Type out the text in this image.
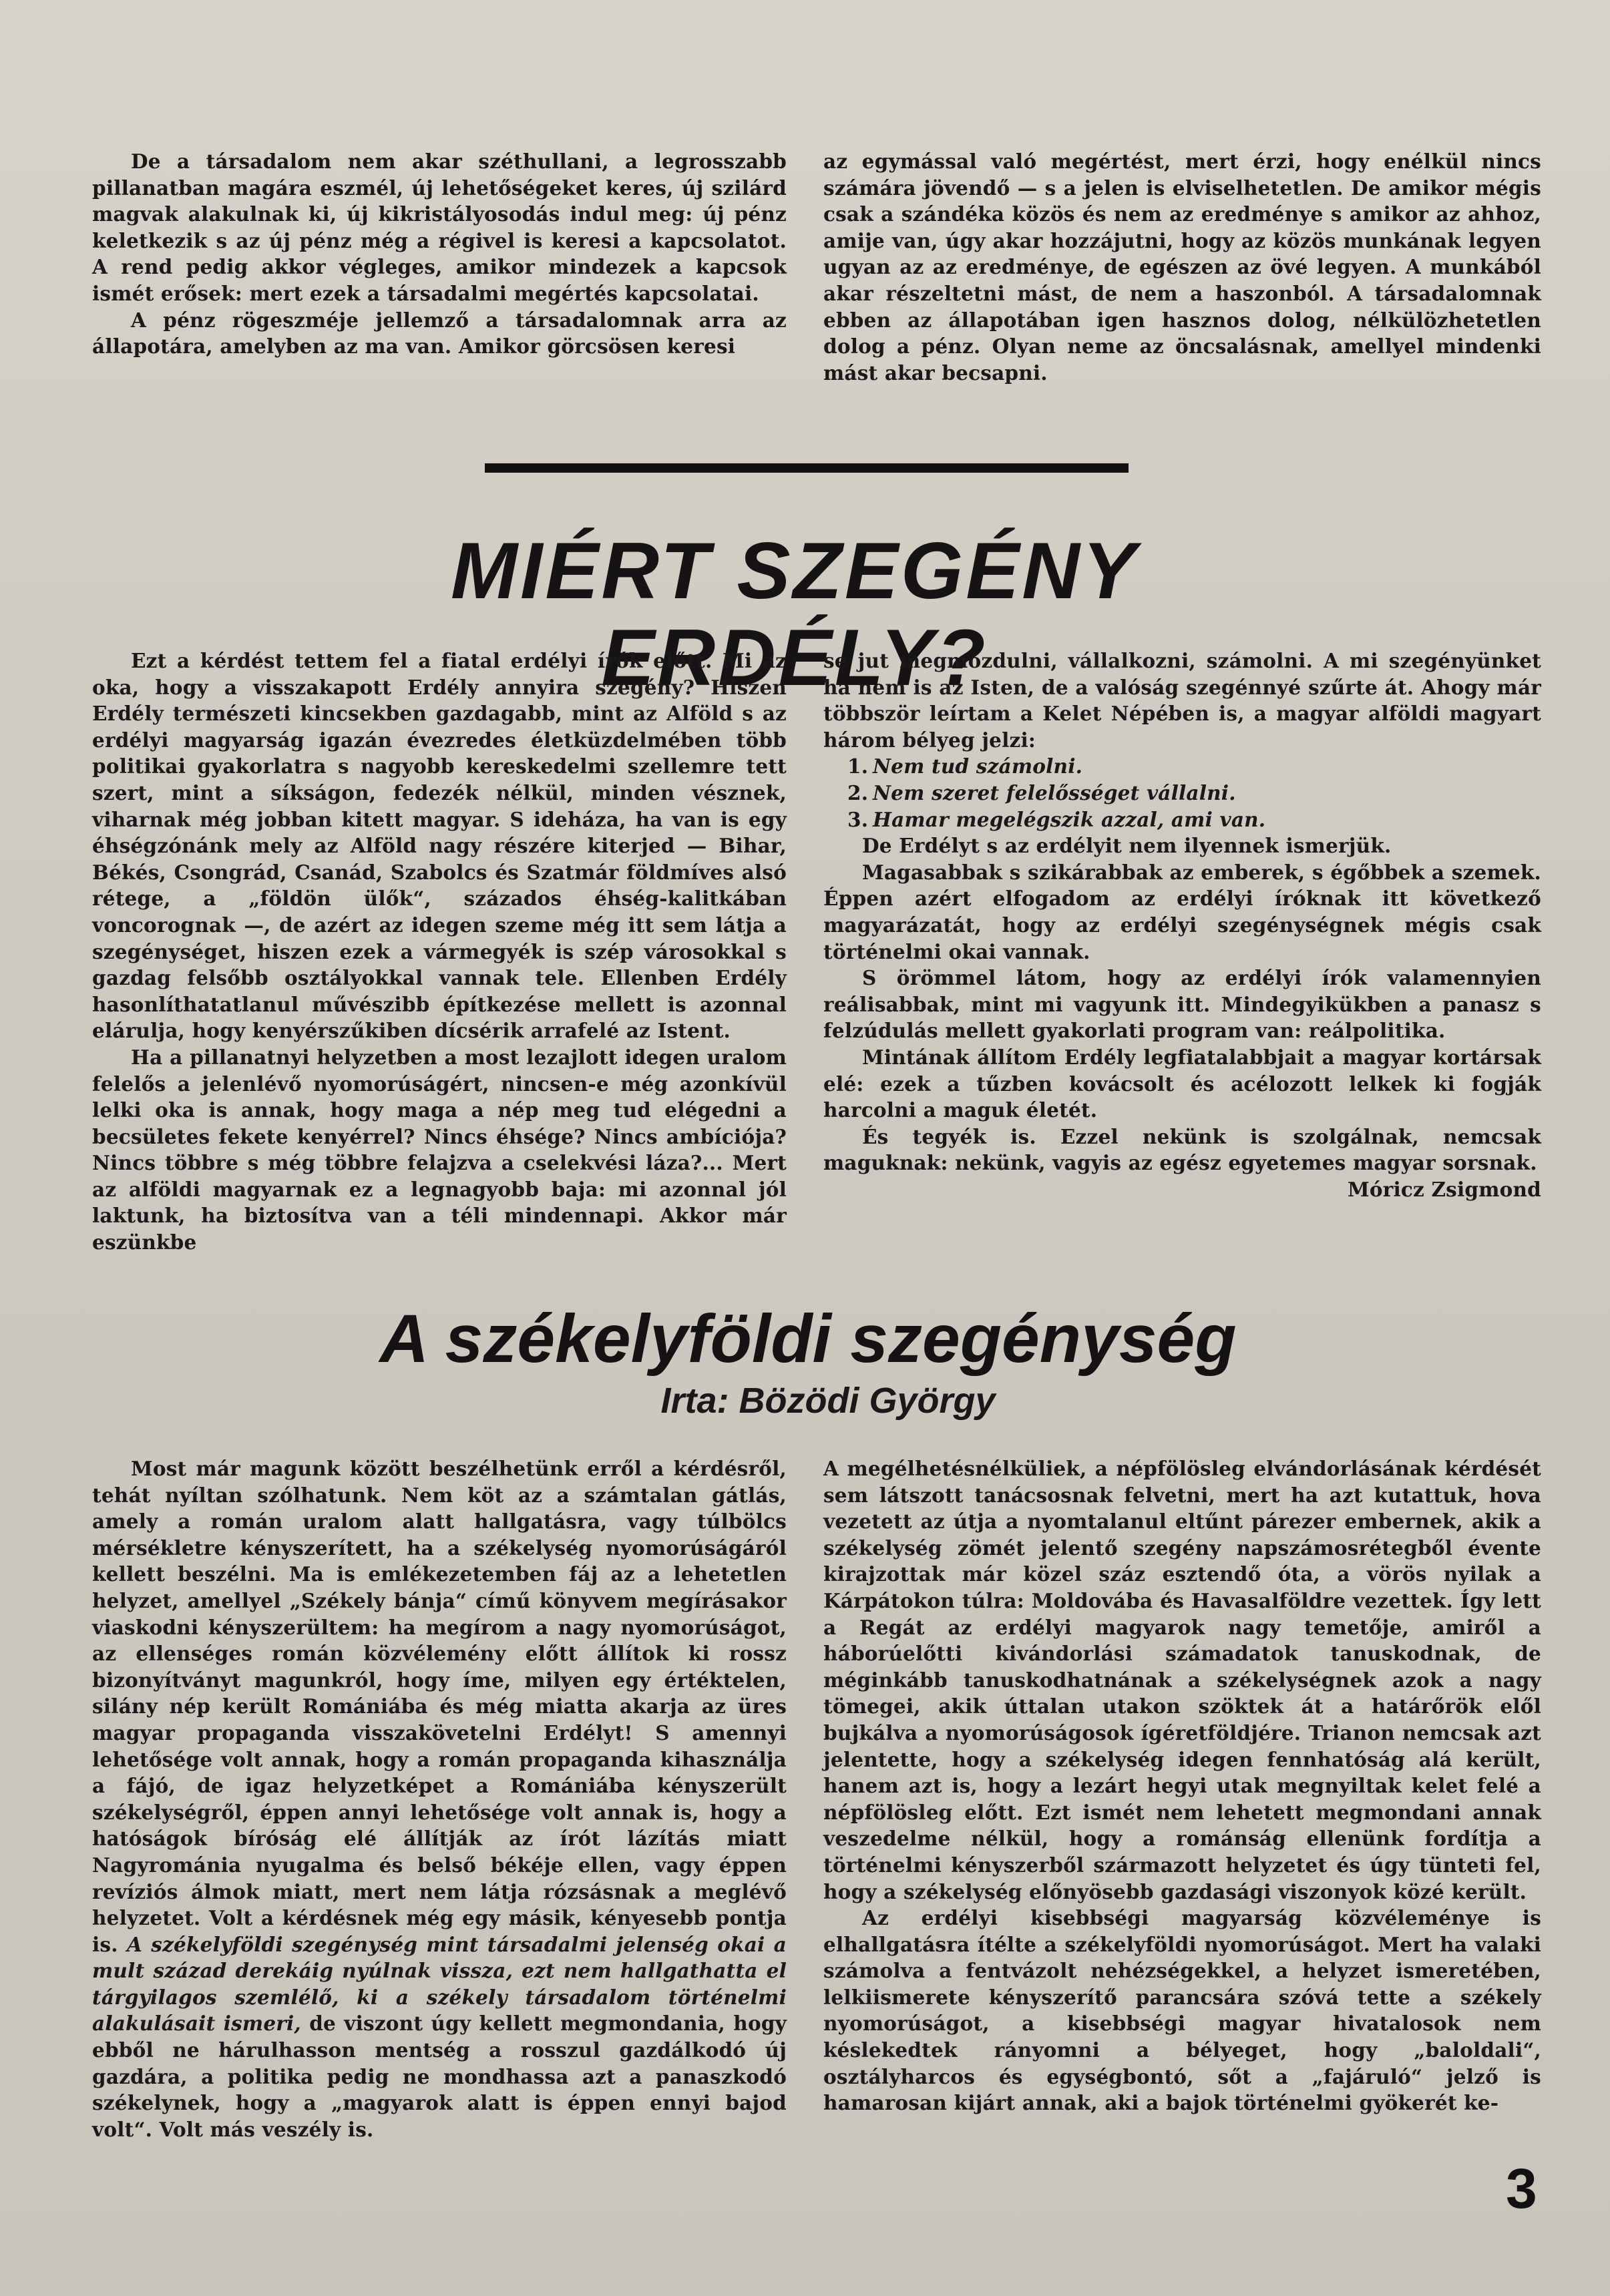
De a társadalom nem akar széthullani, a legrosszabb pillanatban magára eszmél, új lehetőségeket keres, új szilárd magvak alakulnak ki, új kikristályosodás indul meg: új pénz keletkezik s az új pénz még a régivel is keresi a kapcsolatot. A rend pedig akkor végleges, amikor mindezek a kapcsok ismét erősek: mert ezek a társadalmi megértés kapcsolatai.

A pénz rögeszméje jellemző a társadalomnak arra az állapotára, amelyben az ma van. Amikor görcsösen keresi

az egymással való megértést, mert érzi, hogy enélkül nincs számára jövendő — s a jelen is elviselhetetlen. De amikor mégis csak a szándéka közös és nem az eredménye s amikor az ahhoz, amije van, úgy akar hozzájutni, hogy az közös munkának legyen ugyan az az eredménye, de egészen az övé legyen. A munkából akar részeltetni mást, de nem a haszonból. A társadalomnak ebben az állapotában igen hasznos dolog, nélkülözhetetlen dolog a pénz. Olyan neme az öncsalásnak, amellyel mindenki mást akar becsapni.

MIÉRT SZEGÉNY ERDÉLY?

Ezt a kérdést tettem fel a fiatal erdélyi írók előtt. Mi az oka, hogy a visszakapott Erdély annyira szegény? Hiszen Erdély természeti kincsekben gazdagabb, mint az Alföld s az erdélyi magyarság igazán évezredes életküzdelmében több politikai gyakorlatra s nagyobb kereskedelmi szellemre tett szert, mint a síkságon, fedezék nélkül, minden vésznek, viharnak még jobban kitett magyar. S ideháza, ha van is egy éhségzónánk mely az Alföld nagy részére kiterjed — Bihar, Békés, Csongrád, Csanád, Szabolcs és Szatmár földmíves alsó rétege, a „földön ülők“, százados éhség-kalitkában voncorognak —, de azért az idegen szeme még itt sem látja a szegénységet, hiszen ezek a vármegyék is szép városokkal s gazdag felsőbb osztályokkal vannak tele. Ellenben Erdély hasonlíthatatlanul művészibb építkezése mellett is azonnal elárulja, hogy kenyérszűkiben dícsérik arrafelé az Istent.

Ha a pillanatnyi helyzetben a most lezajlott idegen uralom felelős a jelenlévő nyomorúságért, nincsen-e még azonkívül lelki oka is annak, hogy maga a nép meg tud elégedni a becsületes fekete kenyérrel? Nincs éhsége? Nincs ambíciója? Nincs többre s még többre felajzva a cselekvési láza?... Mert az alföldi magyarnak ez a legnagyobb baja: mi azonnal jól laktunk, ha biztosítva van a téli mindennapi. Akkor már eszünkbe

se jut megmozdulni, vállalkozni, számolni. A mi szegényünket ha nem is az Isten, de a valóság szegénnyé szűrte át. Ahogy már többször leírtam a Kelet Népében is, a magyar alföldi magyart három bélyeg jelzi:

1. Nem tud számolni.
2. Nem szeret felelősséget vállalni.
3. Hamar megelégszik azzal, ami van.

De Erdélyt s az erdélyit nem ilyennek ismerjük.

Magasabbak s szikárabbak az emberek, s égőbbek a szemek. Éppen azért elfogadom az erdélyi íróknak itt következő magyarázatát, hogy az erdélyi szegénységnek mégis csak történelmi okai vannak.

S örömmel látom, hogy az erdélyi írók valamennyien reálisabbak, mint mi vagyunk itt. Mindegyikükben a panasz s felzúdulás mellett gyakorlati program van: reálpolitika.

Mintának állítom Erdély legfiatalabbjait a magyar kortársak elé: ezek a tűzben kovácsolt és acélozott lelkek ki fogják harcolni a maguk életét.

És tegyék is. Ezzel nekünk is szolgálnak, nemcsak maguknak: nekünk, vagyis az egész egyetemes magyar sorsnak.

Móricz Zsigmond

A székelyföldi szegénység
Irta: Bözödi György

Most már magunk között beszélhetünk erről a kérdésről, tehát nyíltan szólhatunk. Nem köt az a számtalan gátlás, amely a román uralom alatt hallgatásra, vagy túlbölcs mérsékletre kényszerített, ha a székelység nyomorúságáról kellett beszélni. Ma is emlékezetemben fáj az a lehetetlen helyzet, amellyel „Székely bánja“ című könyvem megírásakor viaskodni kényszerültem: ha megírom a nagy nyomorúságot, az ellenséges román közvélemény előtt állítok ki rossz bizonyítványt magunkról, hogy íme, milyen egy értéktelen, silány nép került Romániába és még miatta akarja az üres magyar propaganda visszakövetelni Erdélyt! S amennyi lehetősége volt annak, hogy a román propaganda kihasználja a fájó, de igaz helyzetképet a Romániába kényszerült székelységről, éppen annyi lehetősége volt annak is, hogy a hatóságok bíróság elé állítják az írót lázítás miatt Nagyrománia nyugalma és belső békéje ellen, vagy éppen revíziós álmok miatt, mert nem látja rózsásnak a meglévő helyzetet. Volt a kérdésnek még egy másik, kényesebb pontja is. A székelyföldi szegénység mint társadalmi jelenség okai a mult század derekáig nyúlnak vissza, ezt nem hallgathatta el tárgyilagos szemlélő, ki a székely társadalom történelmi alakulásait ismeri, de viszont úgy kellett megmondania, hogy ebből ne hárulhasson mentség a rosszul gazdálkodó új gazdára, a politika pedig ne mondhassa azt a panaszkodó székelynek, hogy a „magyarok alatt is éppen ennyi bajod volt“. Volt más veszély is.

A megélhetésnélküliek, a népfölösleg elvándorlásának kérdését sem látszott tanácsosnak felvetni, mert ha azt kutattuk, hova vezetett az útja a nyomtalanul eltűnt párezer embernek, akik a székelység zömét jelentő szegény napszámosrétegből évente kirajzottak már közel száz esztendő óta, a vörös nyilak a Kárpátokon túlra: Moldovába és Havasalföldre vezettek. Így lett a Regát az erdélyi magyarok nagy temetője, amiről a háborúelőtti kivándorlási számadatok tanuskodnak, de méginkább tanuskodhatnának a székelységnek azok a nagy tömegei, akik úttalan utakon szöktek át a határőrök elől bujkálva a nyomorúságosok ígéretföldjére. Trianon nemcsak azt jelentette, hogy a székelység idegen fennhatóság alá került, hanem azt is, hogy a lezárt hegyi utak megnyiltak kelet felé a népfölösleg előtt. Ezt ismét nem lehetett megmondani annak veszedelme nélkül, hogy a románság ellenünk fordítja a történelmi kényszerből származott helyzetet és úgy tünteti fel, hogy a székelység előnyösebb gazdasági viszonyok közé került.

Az erdélyi kisebbségi magyarság közvéleménye is elhallgatásra ítélte a székelyföldi nyomorúságot. Mert ha valaki számolva a fentvázolt nehézségekkel, a helyzet ismeretében, lelkiismerete kényszerítő parancsára szóvá tette a székely nyomorúságot, a kisebbségi magyar hivatalosok nem késlekedtek rányomni a bélyeget, hogy „baloldali“, osztályharcos és egységbontó, sőt a „fajáruló“ jelző is hamarosan kijárt annak, aki a bajok történelmi gyökerét ke-

3
